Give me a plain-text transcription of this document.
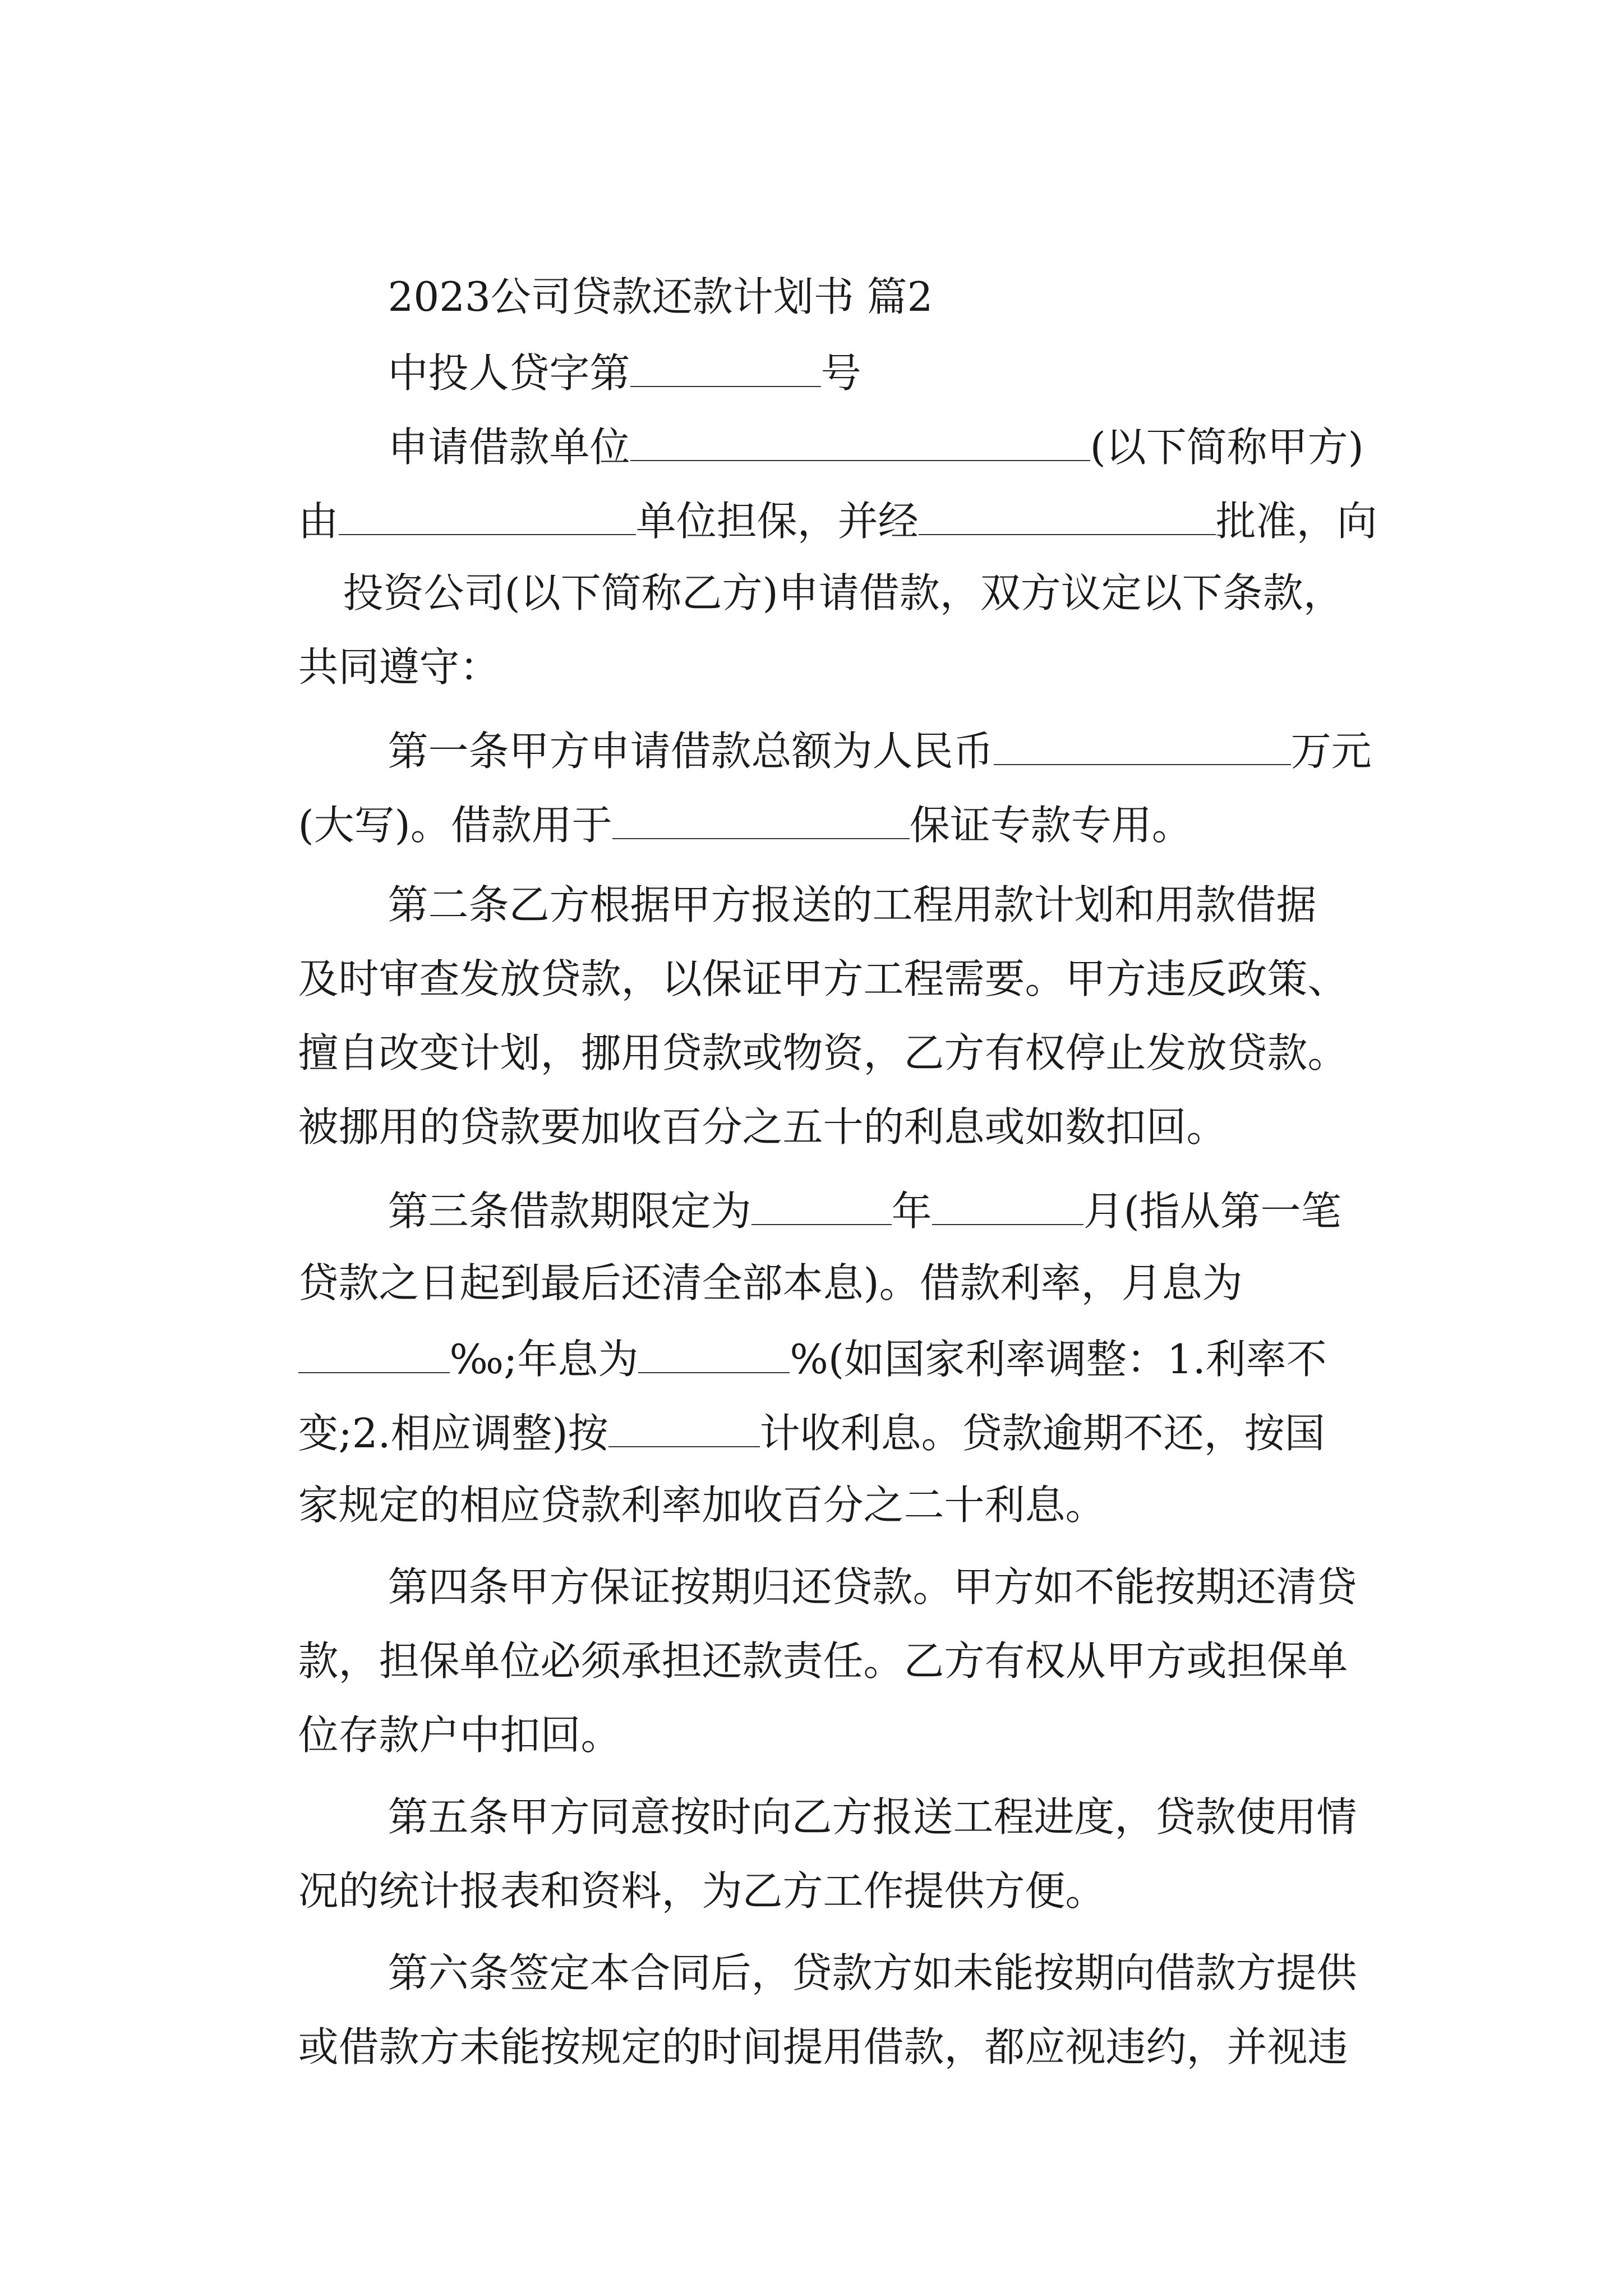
2023公司贷款还款计划书 篇2

中投人贷字第	号

申请借款单位	(以下简称甲方)

由	单位担保，并经	批准，向

投资公司(以下简称乙方)申请借款，双方议定以下条款，

共同遵守：

第一条甲方申请借款总额为人民币	万元

(大写)。借款用于	保证专款专用。

第二条乙方根据甲方报送的工程用款计划和用款借据

及时审查发放贷款，以保证甲方工程需要。甲方违反政策、

擅自改变计划，挪用贷款或物资，乙方有权停止发放贷款。

被挪用的贷款要加收百分之五十的利息或如数扣回。

第三条借款期限定为	年	月(指从第一笔

贷款之日起到最后还清全部本息)。借款利率，月息为

‰;年息为	%(如国家利率调整：1.利率不

变;2.相应调整)按	计收利息。贷款逾期不还，按国

家规定的相应贷款利率加收百分之二十利息。

第四条甲方保证按期归还贷款。甲方如不能按期还清贷

款，担保单位必须承担还款责任。乙方有权从甲方或担保单

位存款户中扣回。

第五条甲方同意按时向乙方报送工程进度，贷款使用情

况的统计报表和资料，为乙方工作提供方便。

第六条签定本合同后，贷款方如未能按期向借款方提供

或借款方未能按规定的时间提用借款，都应视违约，并视违
